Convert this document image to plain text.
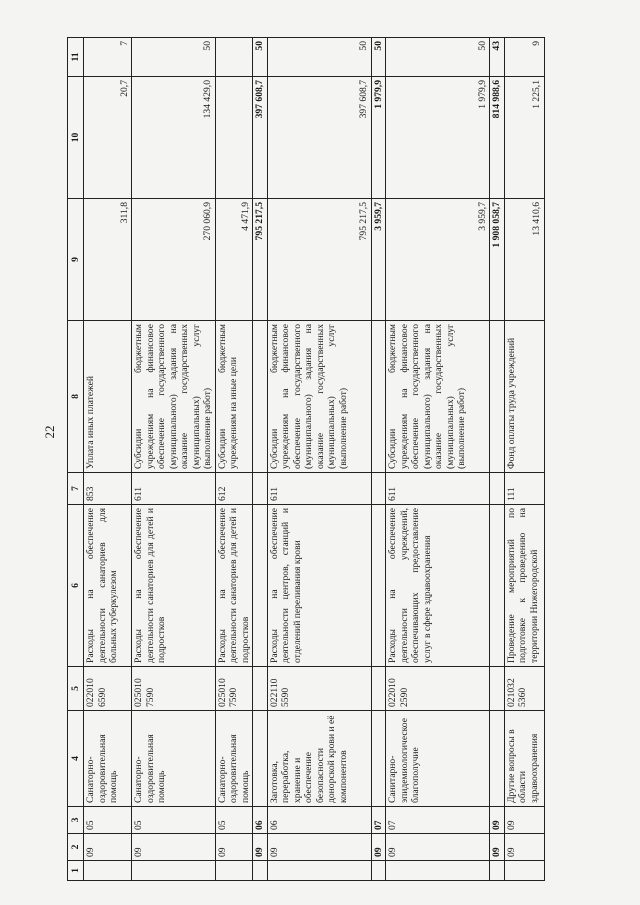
22
1	2	3	4	5	6	7	8	9	10	11
	09	05	Санаторно-оздоровительная помощь	022010 6590	Расходы на обеспечение деятельности санаториев для больных туберкулезом	853	Уплата иных платежей	311,8	20,7	7
	09	05	Санаторно-оздоровительная помощь	025010 7590	Расходы на обеспечение деятельности санаториев для детей и подростков	611	Субсидии бюджетным учреждениям на финансовое обеспечение государственного (муниципального) задания на оказание государственных (муниципальных) услуг (выполнение работ)	270 060,9	134 429,0	50
	09	05	Санаторно-оздоровительная помощь	025010 7590	Расходы на обеспечение деятельности санаториев для детей и подростков	612	Субсидии бюджетным учреждениям на иные цели	4 471,9		
	09	06						795 217,5	397 608,7	50
	09	06	Заготовка, переработка, хранение и обеспечение безопасности донорской крови и её компонентов	022110 5590	Расходы на обеспечение деятельности центров, станций и отделений переливания крови	611	Субсидии бюджетным учреждениям на финансовое обеспечение государственного (муниципального) задания на оказание государственных (муниципальных) услуг (выполнение работ)	795 217,5	397 608,7	50
	09	07						3 959,7	1 979,9	50
	09	07	Санитарно-эпидемиологическое благополучие	022010 2590	Расходы на обеспечение деятельности учреждений, обеспечивающих предоставление услуг в сфере здравоохранения	611	Субсидии бюджетным учреждениям на финансовое обеспечение государственного (муниципального) задания на оказание государственных (муниципальных) услуг (выполнение работ)	3 959,7	1 979,9	50
	09	09						1 908 058,7	814 988,6	43
	09	09	Другие вопросы в области здравоохранения	021032 5360	Проведение мероприятий по подготовке к проведению на территории Нижегородской	111	Фонд оплаты труда учреждений	13 410,6	1 225,1	9
